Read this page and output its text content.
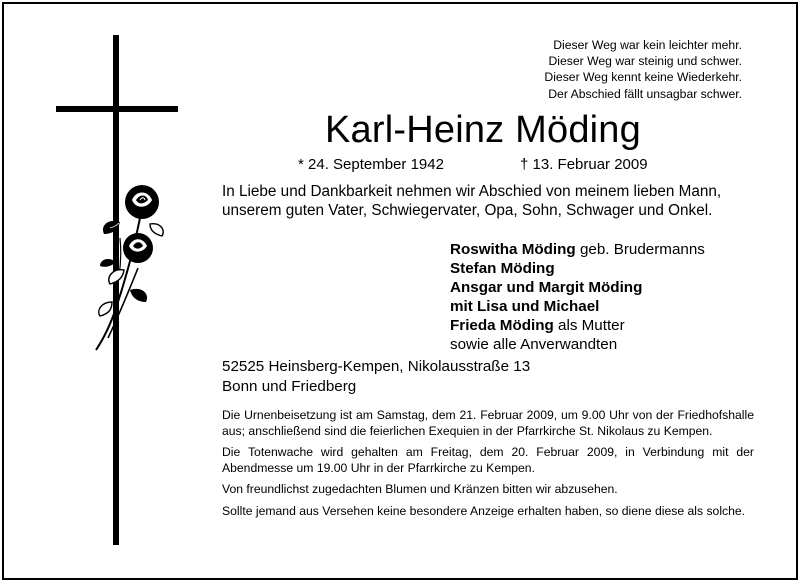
Dieser Weg war kein leichter mehr.
Dieser Weg war steinig und schwer.
Dieser Weg kennt keine Wiederkehr.
Der Abschied fällt unsagbar schwer.
Karl-Heinz Möding
* 24. September 1942	† 13. Februar 2009
In Liebe und Dankbarkeit nehmen wir Abschied von meinem lieben Mann, unserem guten Vater, Schwiegervater, Opa, Sohn, Schwager und Onkel.
Roswitha Möding geb. Brudermanns
Stefan Möding
Ansgar und Margit Möding
mit Lisa und Michael
Frieda Möding als Mutter
sowie alle Anverwandten
52525 Heinsberg-Kempen, Nikolausstraße 13
Bonn und Friedberg

Die Urnenbeisetzung ist am Samstag, dem 21. Februar 2009, um 9.00 Uhr von der Friedhofshalle aus; anschließend sind die feierlichen Exequien in der Pfarrkirche St. Nikolaus zu Kempen.

Die Totenwache wird gehalten am Freitag, dem 20. Februar 2009, in Verbindung mit der Abendmesse um 19.00 Uhr in der Pfarrkirche zu Kempen.

Von freundlichst zugedachten Blumen und Kränzen bitten wir abzusehen.

Sollte jemand aus Versehen keine besondere Anzeige erhalten haben, so diene diese als solche.
